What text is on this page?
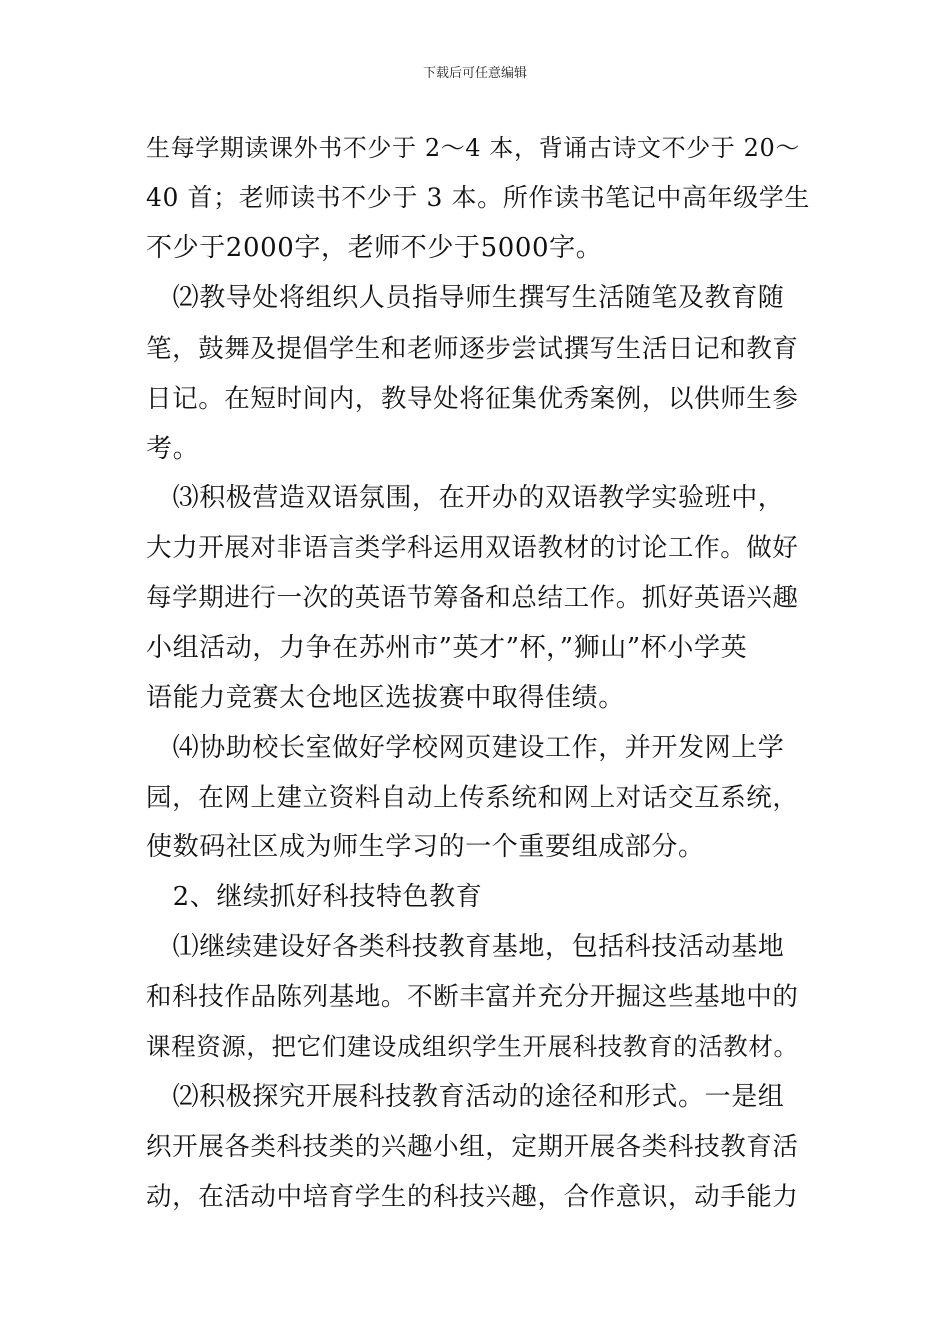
下载后可任意编辑
生每学期读课外书不少于 2～4 本，背诵古诗文不少于 20～
40 首；老师读书不少于 3 本。所作读书笔记中高年级学生
不少于2000字，老师不少于5000字。
　⑵教导处将组织人员指导师生撰写生活随笔及教育随
笔，鼓舞及提倡学生和老师逐步尝试撰写生活日记和教育
日记。在短时间内，教导处将征集优秀案例，以供师生参
考。
　⑶积极营造双语氛围，在开办的双语教学实验班中，
大力开展对非语言类学科运用双语教材的讨论工作。做好
每学期进行一次的英语节筹备和总结工作。抓好英语兴趣
小组活动，力争在苏州市”英才”杯，”狮山”杯小学英
语能力竞赛太仓地区选拔赛中取得佳绩。
　⑷协助校长室做好学校网页建设工作，并开发网上学
园，在网上建立资料自动上传系统和网上对话交互系统，
使数码社区成为师生学习的一个重要组成部分。
　2、继续抓好科技特色教育
　⑴继续建设好各类科技教育基地，包括科技活动基地
和科技作品陈列基地。不断丰富并充分开掘这些基地中的
课程资源，把它们建设成组织学生开展科技教育的活教材。
　⑵积极探究开展科技教育活动的途径和形式。一是组
织开展各类科技类的兴趣小组，定期开展各类科技教育活
动，在活动中培育学生的科技兴趣，合作意识，动手能力
